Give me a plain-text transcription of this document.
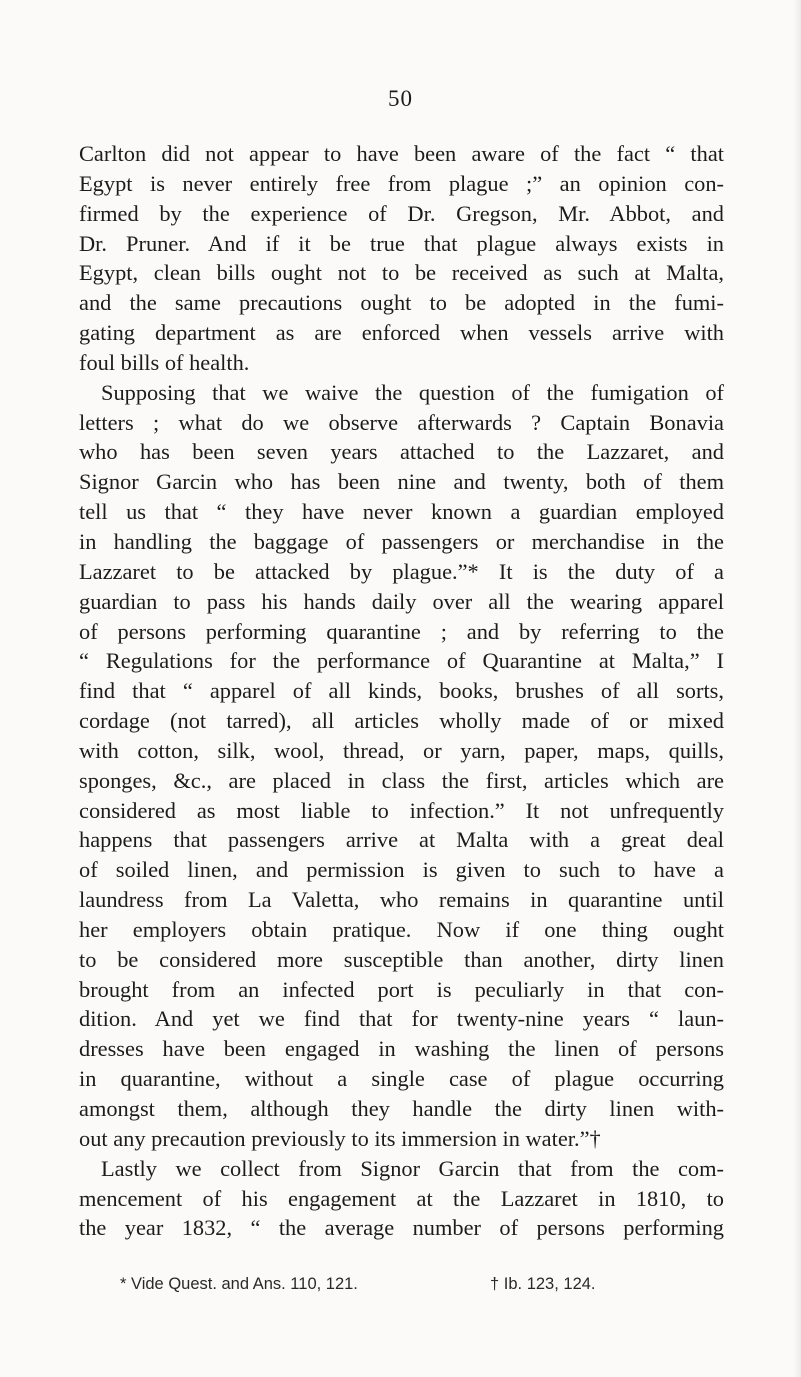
50
Carlton did not appear to have been aware of the fact “ that
Egypt is never entirely free from plague ;” an opinion con-
firmed by the experience of Dr. Gregson, Mr. Abbot, and
Dr. Pruner. And if it be true that plague always exists in
Egypt, clean bills ought not to be received as such at Malta,
and the same precautions ought to be adopted in the fumi-
gating department as are enforced when vessels arrive with
foul bills of health.
Supposing that we waive the question of the fumigation of
letters ; what do we observe afterwards ? Captain Bonavia
who has been seven years attached to the Lazzaret, and
Signor Garcin who has been nine and twenty, both of them
tell us that “ they have never known a guardian employed
in handling the baggage of passengers or merchandise in the
Lazzaret to be attacked by plague.”* It is the duty of a
guardian to pass his hands daily over all the wearing apparel
of persons performing quarantine ; and by referring to the
“ Regulations for the performance of Quarantine at Malta,” I
find that “ apparel of all kinds, books, brushes of all sorts,
cordage (not tarred), all articles wholly made of or mixed
with cotton, silk, wool, thread, or yarn, paper, maps, quills,
sponges, &c., are placed in class the first, articles which are
considered as most liable to infection.” It not unfrequently
happens that passengers arrive at Malta with a great deal
of soiled linen, and permission is given to such to have a
laundress from La Valetta, who remains in quarantine until
her employers obtain pratique. Now if one thing ought
to be considered more susceptible than another, dirty linen
brought from an infected port is peculiarly in that con-
dition. And yet we find that for twenty-nine years “ laun-
dresses have been engaged in washing the linen of persons
in quarantine, without a single case of plague occurring
amongst them, although they handle the dirty linen with-
out any precaution previously to its immersion in water.”†
Lastly we collect from Signor Garcin that from the com-
mencement of his engagement at the Lazzaret in 1810, to
the year 1832, “ the average number of persons performing
* Vide Quest. and Ans. 110, 121.	† Ib. 123, 124.
